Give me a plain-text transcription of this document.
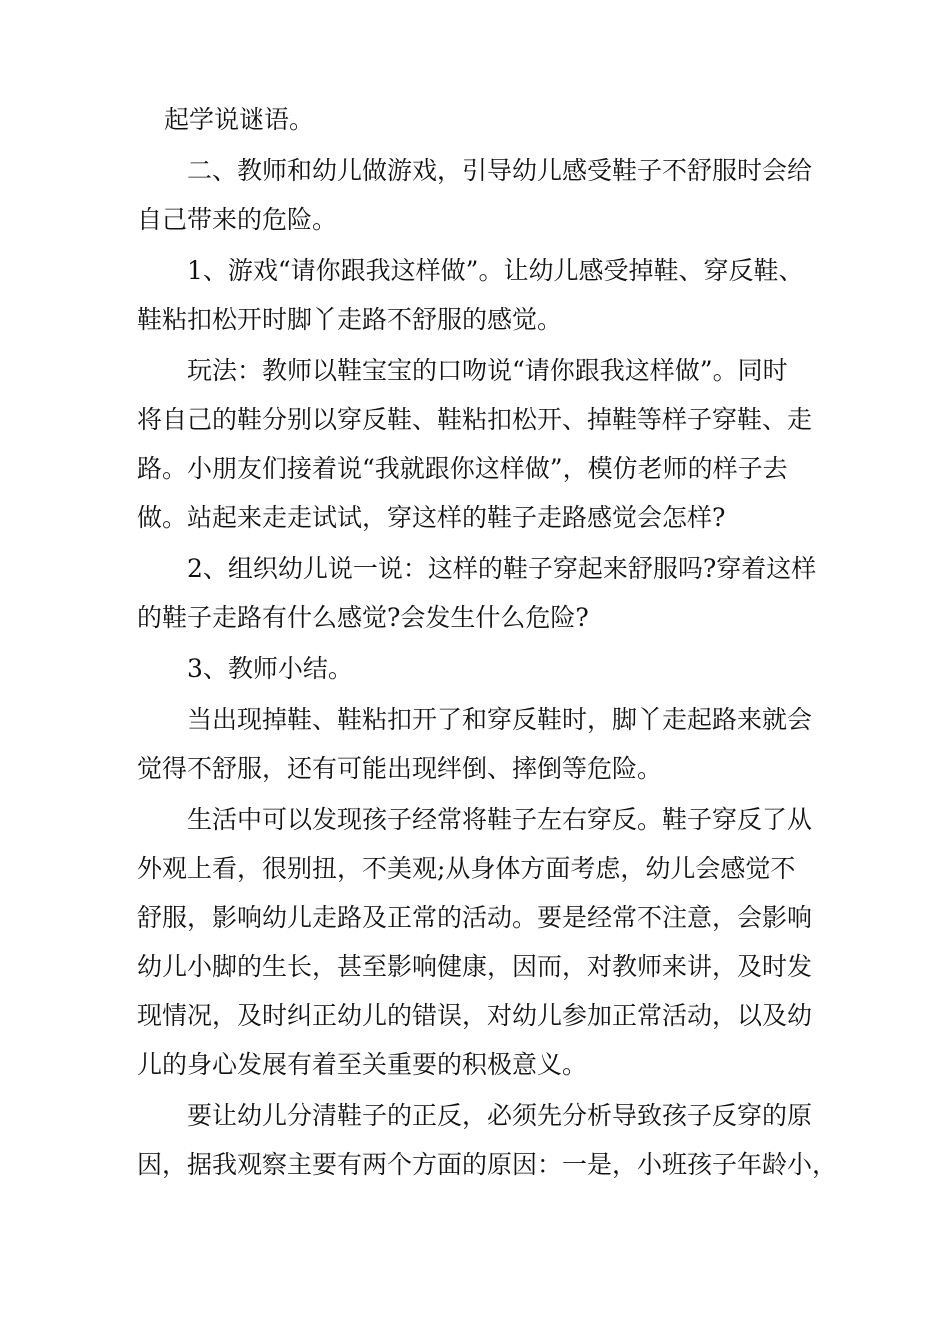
起学说谜语。
二、教师和幼儿做游戏，引导幼儿感受鞋子不舒服时会给
自己带来的危险。
1、游戏“请你跟我这样做”。让幼儿感受掉鞋、穿反鞋、
鞋粘扣松开时脚丫走路不舒服的感觉。
玩法：教师以鞋宝宝的口吻说“请你跟我这样做”。同时
将自己的鞋分别以穿反鞋、鞋粘扣松开、掉鞋等样子穿鞋、走
路。小朋友们接着说“我就跟你这样做”，模仿老师的样子去
做。站起来走走试试，穿这样的鞋子走路感觉会怎样?
2、组织幼儿说一说：这样的鞋子穿起来舒服吗?穿着这样
的鞋子走路有什么感觉?会发生什么危险?
3、教师小结。
当出现掉鞋、鞋粘扣开了和穿反鞋时，脚丫走起路来就会
觉得不舒服，还有可能出现绊倒、摔倒等危险。
生活中可以发现孩子经常将鞋子左右穿反。鞋子穿反了从
外观上看，很别扭，不美观;从身体方面考虑，幼儿会感觉不
舒服，影响幼儿走路及正常的活动。要是经常不注意，会影响
幼儿小脚的生长，甚至影响健康，因而，对教师来讲，及时发
现情况，及时纠正幼儿的错误，对幼儿参加正常活动，以及幼
儿的身心发展有着至关重要的积极意义。
要让幼儿分清鞋子的正反，必须先分析导致孩子反穿的原
因，据我观察主要有两个方面的原因：一是，小班孩子年龄小，
